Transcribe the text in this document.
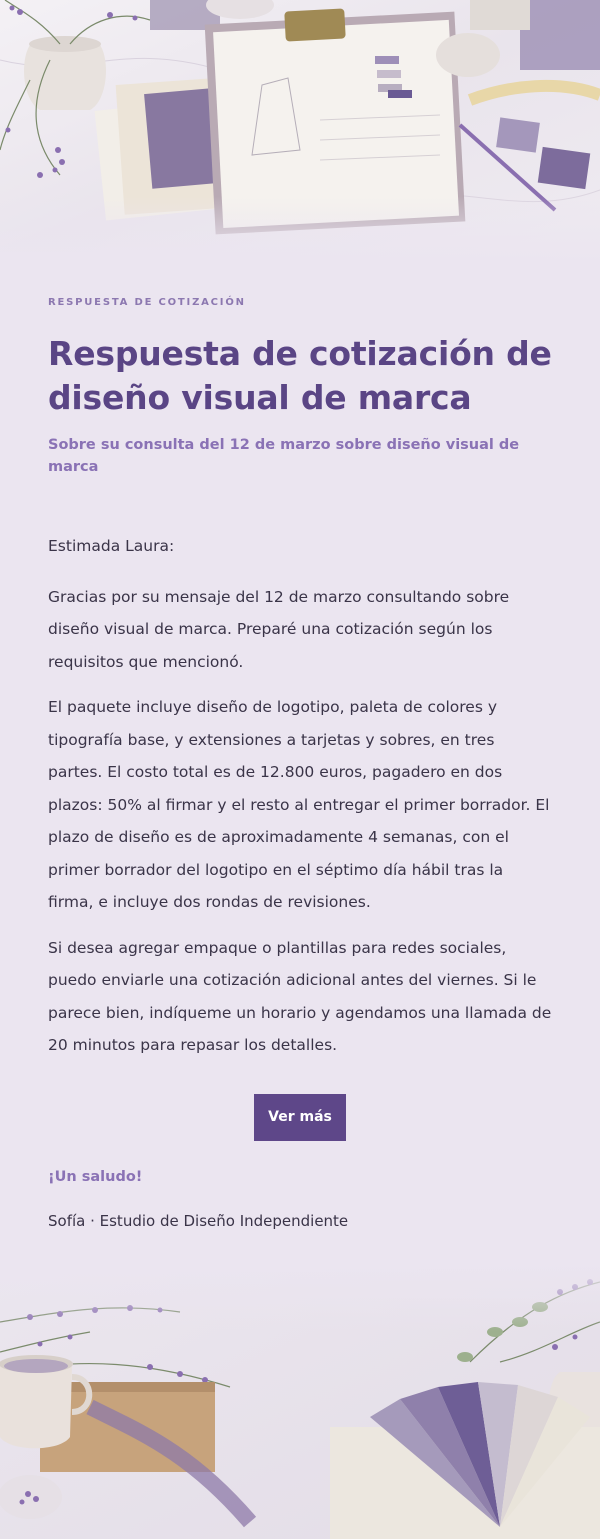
RESPUESTA DE COTIZACIÓN

Respuesta de cotización de
diseño visual de marca

Sobre su consulta del 12 de marzo sobre diseño visual de marca

Estimada Laura:

Gracias por su mensaje del 12 de marzo consultando sobre diseño visual de marca. Preparé una cotización según los requisitos que mencionó.

El paquete incluye diseño de logotipo, paleta de colores y tipografía base, y extensiones a tarjetas y sobres, en tres partes. El costo total es de 12.800 euros, pagadero en dos plazos: 50% al firmar y el resto al entregar el primer borrador. El plazo de diseño es de aproximadamente 4 semanas, con el primer borrador del logotipo en el séptimo día hábil tras la firma, e incluye dos rondas de revisiones.

Si desea agregar empaque o plantillas para redes sociales, puedo enviarle una cotización adicional antes del viernes. Si le parece bien, indíqueme un horario y agendamos una llamada de 20 minutos para repasar los detalles.

Ver más
¡Un saludo!
Sofía · Estudio de Diseño Independiente
